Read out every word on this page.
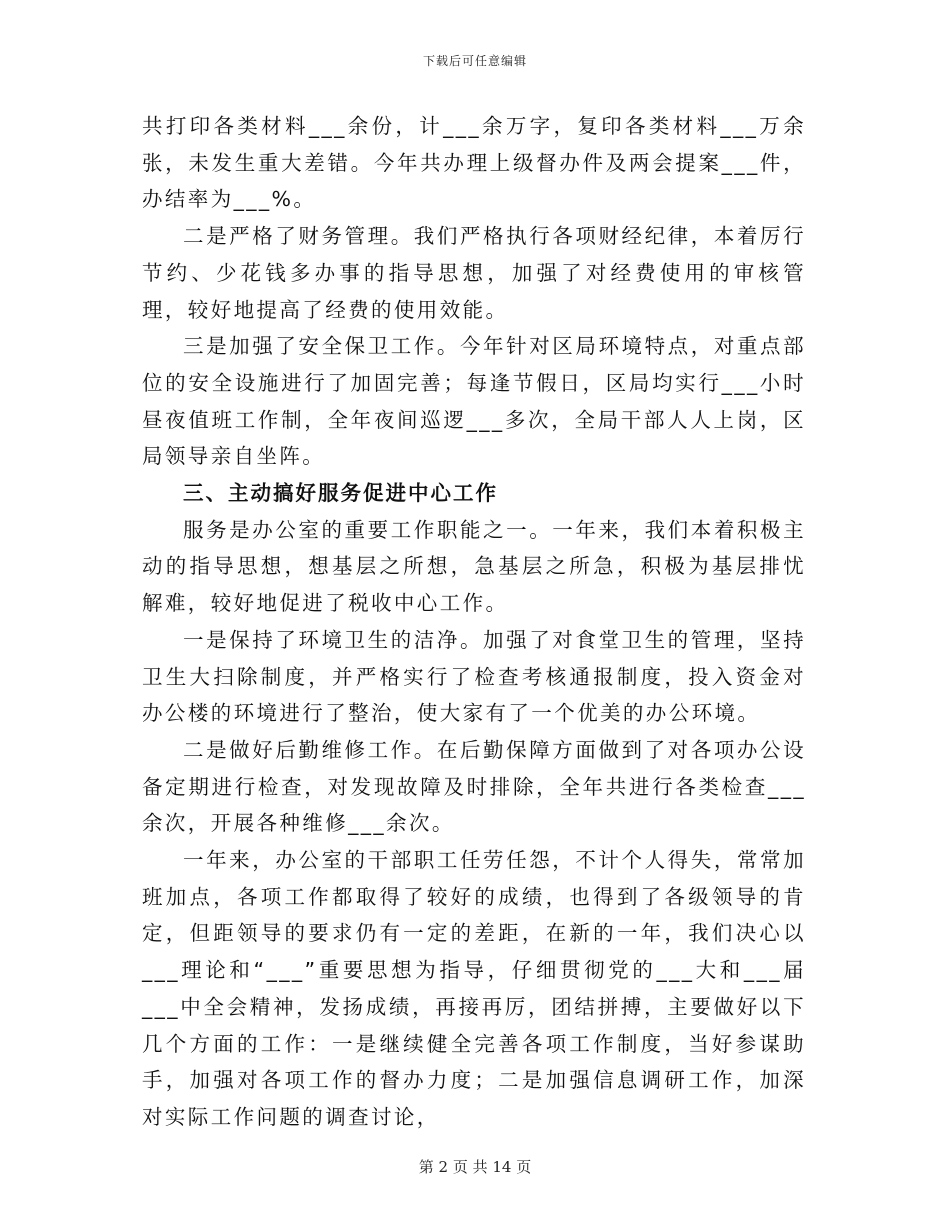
下载后可任意编辑

共打印各类材料___余份，计___余万字，复印各类材料___万余张，未发生重大差错。今年共办理上级督办件及两会提案___件，办结率为___%。

二是严格了财务管理。我们严格执行各项财经纪律，本着厉行节约、少花钱多办事的指导思想，加强了对经费使用的审核管理，较好地提高了经费的使用效能。

三是加强了安全保卫工作。今年针对区局环境特点，对重点部位的安全设施进行了加固完善；每逢节假日，区局均实行___小时昼夜值班工作制，全年夜间巡逻___多次，全局干部人人上岗，区局领导亲自坐阵。

三、主动搞好服务促进中心工作

服务是办公室的重要工作职能之一。一年来，我们本着积极主动的指导思想，想基层之所想，急基层之所急，积极为基层排忧解难，较好地促进了税收中心工作。

一是保持了环境卫生的洁净。加强了对食堂卫生的管理，坚持卫生大扫除制度，并严格实行了检查考核通报制度，投入资金对办公楼的环境进行了整治，使大家有了一个优美的办公环境。

二是做好后勤维修工作。在后勤保障方面做到了对各项办公设备定期进行检查，对发现故障及时排除，全年共进行各类检查___余次，开展各种维修___余次。

一年来，办公室的干部职工任劳任怨，不计个人得失，常常加班加点，各项工作都取得了较好的成绩，也得到了各级领导的肯定，但距领导的要求仍有一定的差距，在新的一年，我们决心以___理论和“___”重要思想为指导，仔细贯彻党的___大和___届___中全会精神，发扬成绩，再接再厉，团结拼搏，主要做好以下几个方面的工作：一是继续健全完善各项工作制度，当好参谋助手，加强对各项工作的督办力度；二是加强信息调研工作，加深对实际工作问题的调查讨论，

第 2 页 共 14 页
